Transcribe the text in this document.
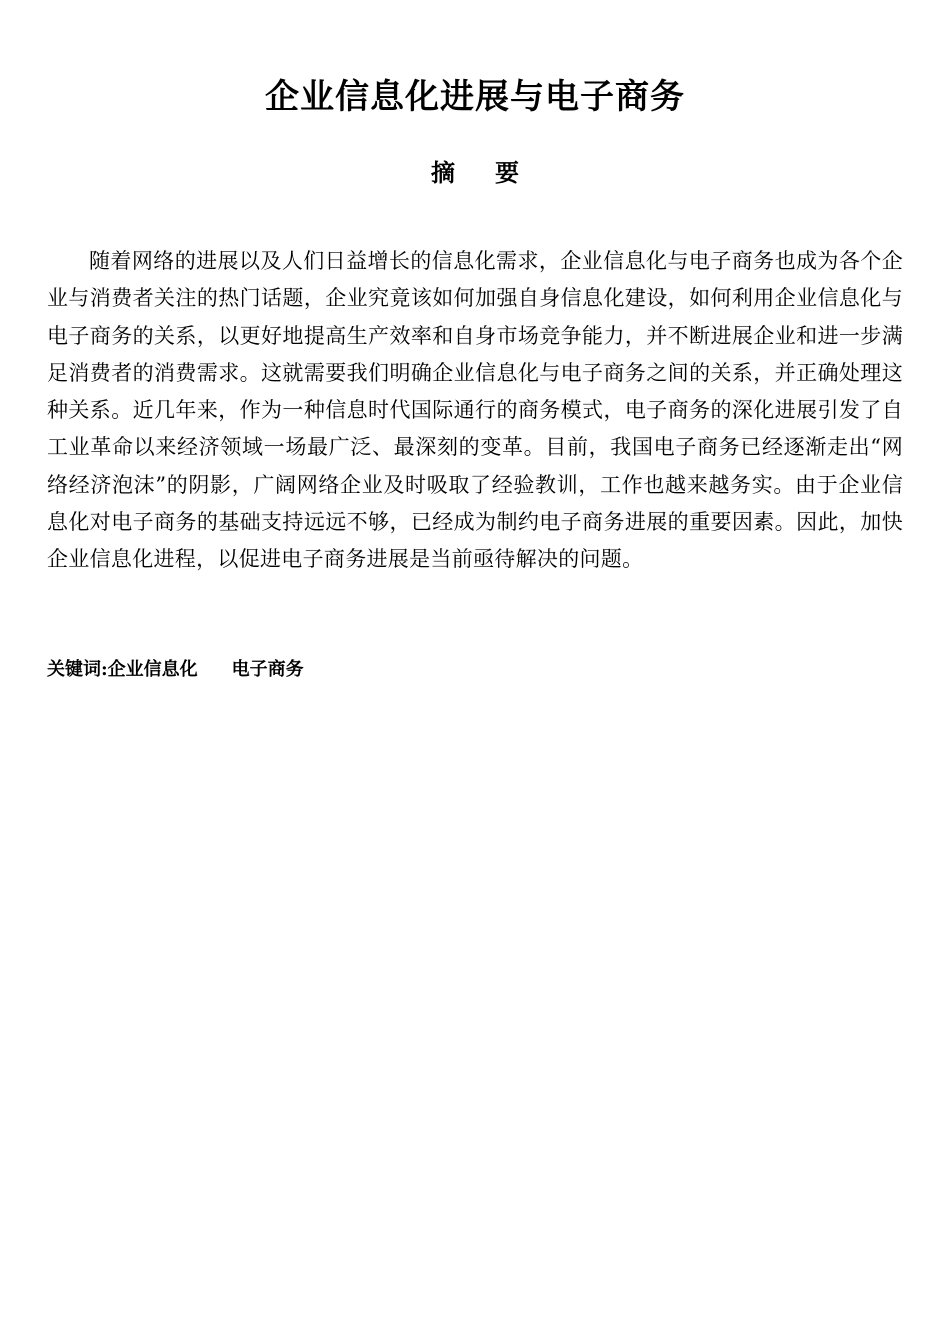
企业信息化进展与电子商务
摘 要

随着网络的进展以及人们日益增长的信息化需求，企业信息化与电子商务也成为各个企业与消费者关注的热门话题，企业究竟该如何加强自身信息化建设，如何利用企业信息化与电子商务的关系，以更好地提高生产效率和自身市场竞争能力，并不断进展企业和进一步满足消费者的消费需求。这就需要我们明确企业信息化与电子商务之间的关系，并正确处理这种关系。近几年来，作为一种信息时代国际通行的商务模式，电子商务的深化进展引发了自工业革命以来经济领域一场最广泛、最深刻的变革。目前，我国电子商务已经逐渐走出“网络经济泡沫”的阴影，广阔网络企业及时吸取了经验教训，工作也越来越务实。由于企业信息化对电子商务的基础支持远远不够，已经成为制约电子商务进展的重要因素。因此，加快企业信息化进程，以促进电子商务进展是当前亟待解决的问题。

关键词:企业信息化 电子商务
